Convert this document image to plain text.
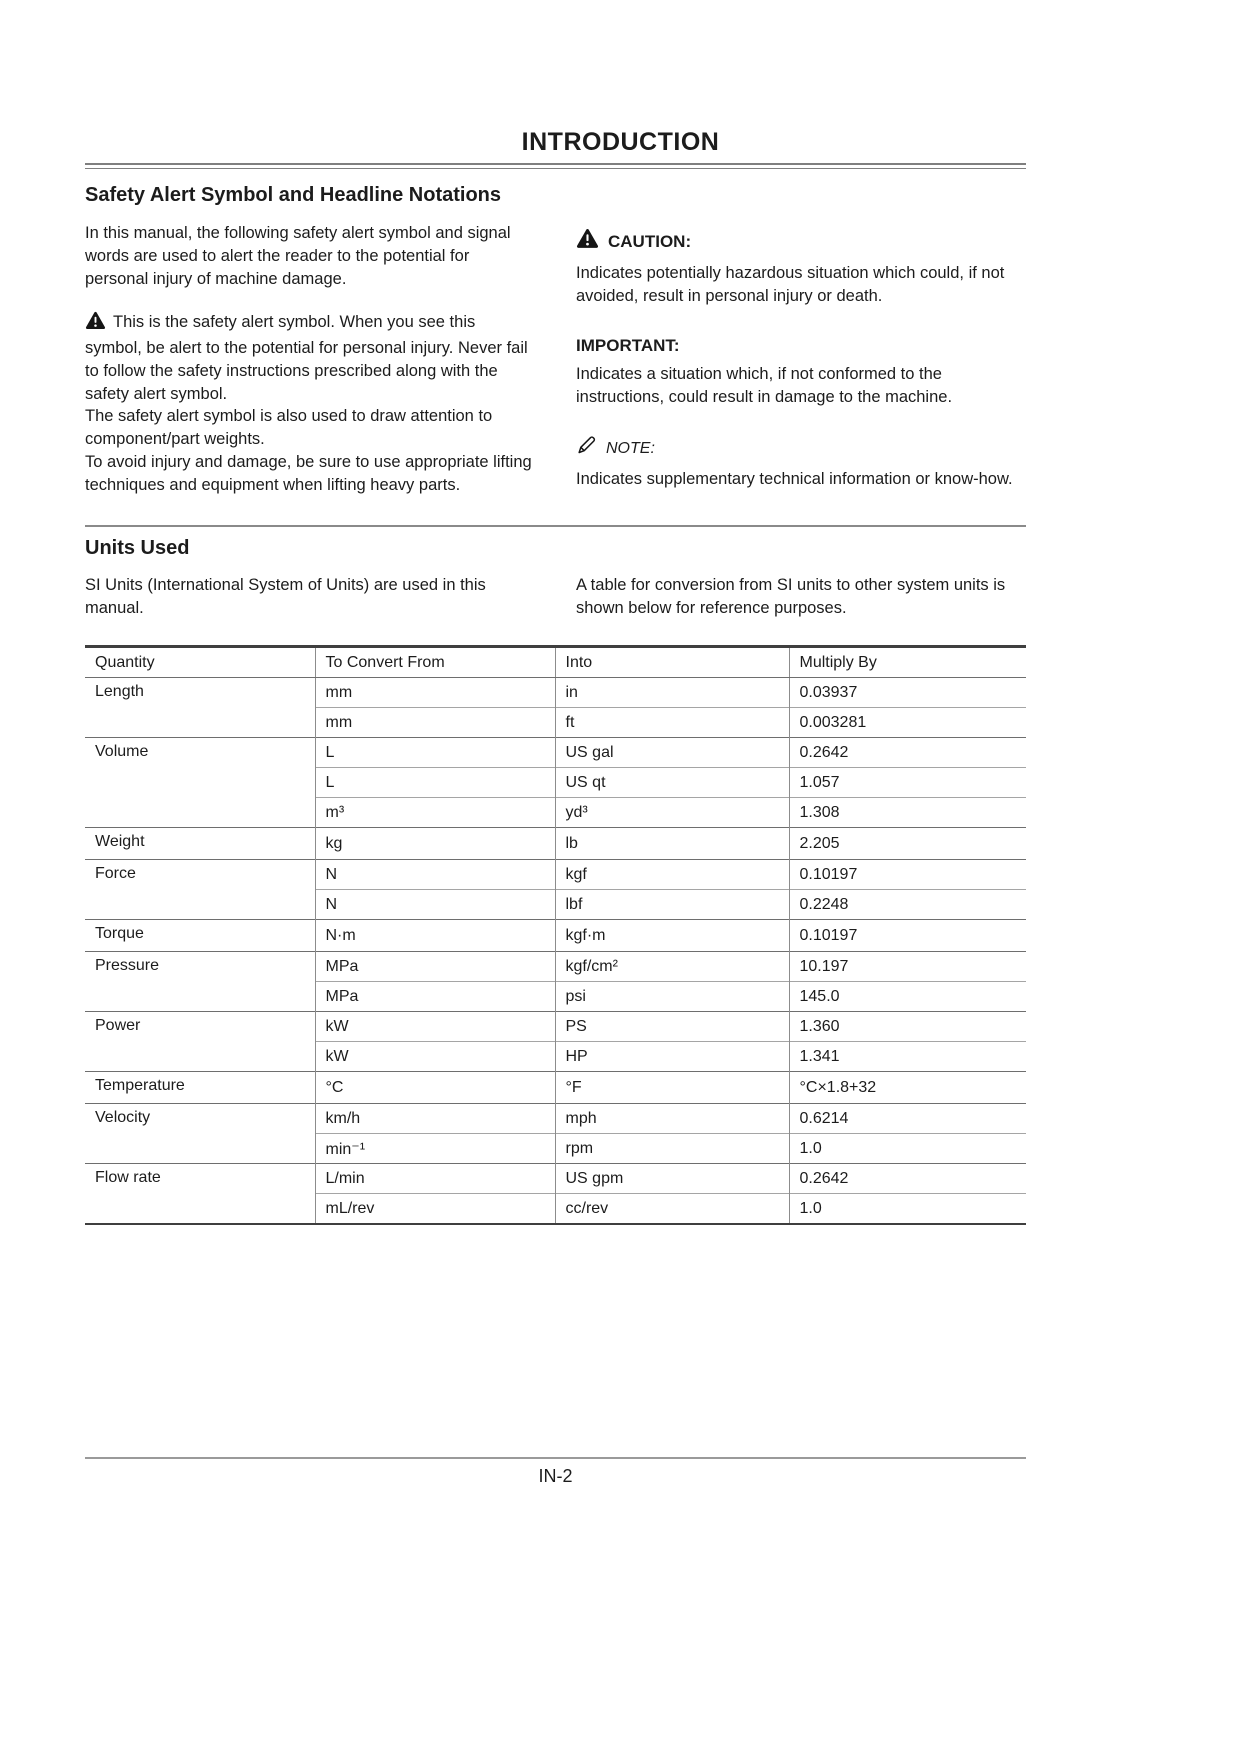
INTRODUCTION
Safety Alert Symbol and Headline Notations

In this manual, the following safety alert symbol and signal words are used to alert the reader to the potential for personal injury of machine damage.

This is the safety alert symbol. When you see this symbol, be alert to the potential for personal injury. Never fail to follow the safety instructions prescribed along with the safety alert symbol.
The safety alert symbol is also used to draw attention to component/part weights.
To avoid injury and damage, be sure to use appropriate lifting techniques and equipment when lifting heavy parts.

CAUTION:
Indicates potentially hazardous situation which could, if not avoided, result in personal injury or death.
IMPORTANT:
Indicates a situation which, if not conformed to the instructions, could result in damage to the machine.
NOTE:
Indicates supplementary technical information or know-how.
Units Used
SI Units (International System of Units) are used in this manual.
A table for conversion from SI units to other system units is shown below for reference purposes.
Quantity	To Convert From	Into	Multiply By
Length	mm	in	0.03937
	mm	ft	0.003281
Volume	L	US gal	0.2642
	L	US qt	1.057
	m³	yd³	1.308
Weight	kg	lb	2.205
Force	N	kgf	0.10197
	N	lbf	0.2248
Torque	N·m	kgf·m	0.10197
Pressure	MPa	kgf/cm²	10.197
	MPa	psi	145.0
Power	kW	PS	1.360
	kW	HP	1.341
Temperature	°C	°F	°C×1.8+32
Velocity	km/h	mph	0.6214
	min⁻¹	rpm	1.0
Flow rate	L/min	US gpm	0.2642
	mL/rev	cc/rev	1.0
IN-2
